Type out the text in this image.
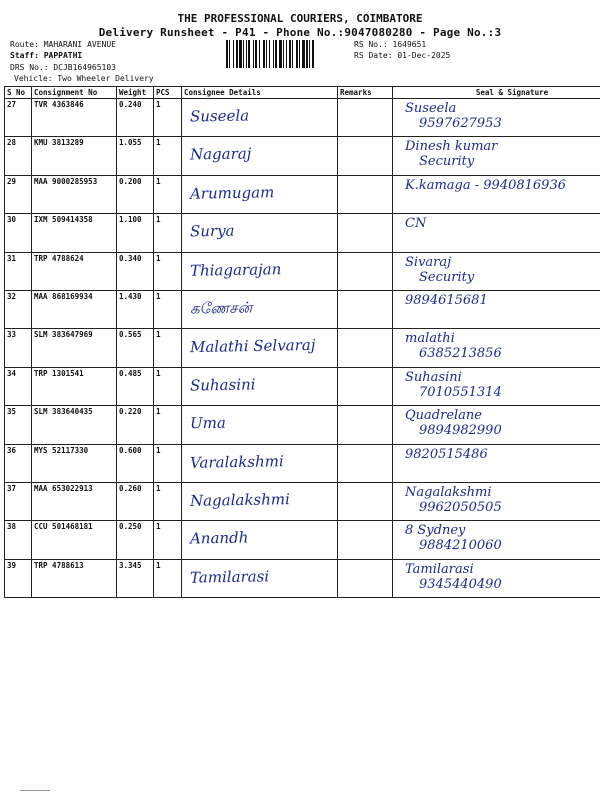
THE PROFESSIONAL COURIERS, COIMBATORE
Delivery Runsheet - P41 - Phone No.:9047080280 - Page No.:3
Route: MAHARANI AVENUE
Staff: PAPPATHI
DRS No.: DCJB164965103
Vehicle: Two Wheeler Delivery
RS No.: 1649651
RS Date: 01-Dec-2025
S No	Consignment No	Weight	PCS	Consignee Details	Remarks	Seal & Signature
27	TVR 4363846	0.240	1	Suseela		Suseela
9597627953

28	KMU 3813289	1.055	1	Nagaraj		Dinesh kumar
Security

29	MAA 9000285953	0.200	1	Arumugam		K.kamaga - 9940816936

30	IXM 509414358	1.100	1	Surya		CN

31	TRP 4788624	0.340	1	Thiagarajan		Sivaraj
Security

32	MAA 868169934	1.430	1	கணேசன்		9894615681

33	SLM 383647969	0.565	1	Malathi Selvaraj		malathi
6385213856

34	TRP 1301541	0.485	1	Suhasini		Suhasini
7010551314

35	SLM 383640435	0.220	1	Uma		Quadrelane
9894982990

36	MYS 52117330	0.600	1	Varalakshmi		9820515486

37	MAA 653022913	0.260	1	Nagalakshmi		Nagalakshmi
9962050505

38	CCU 501468181	0.250	1	Anandh		8 Sydney
9884210060

39	TRP 4788613	3.345	1	Tamilarasi		Tamilarasi
9345440490
